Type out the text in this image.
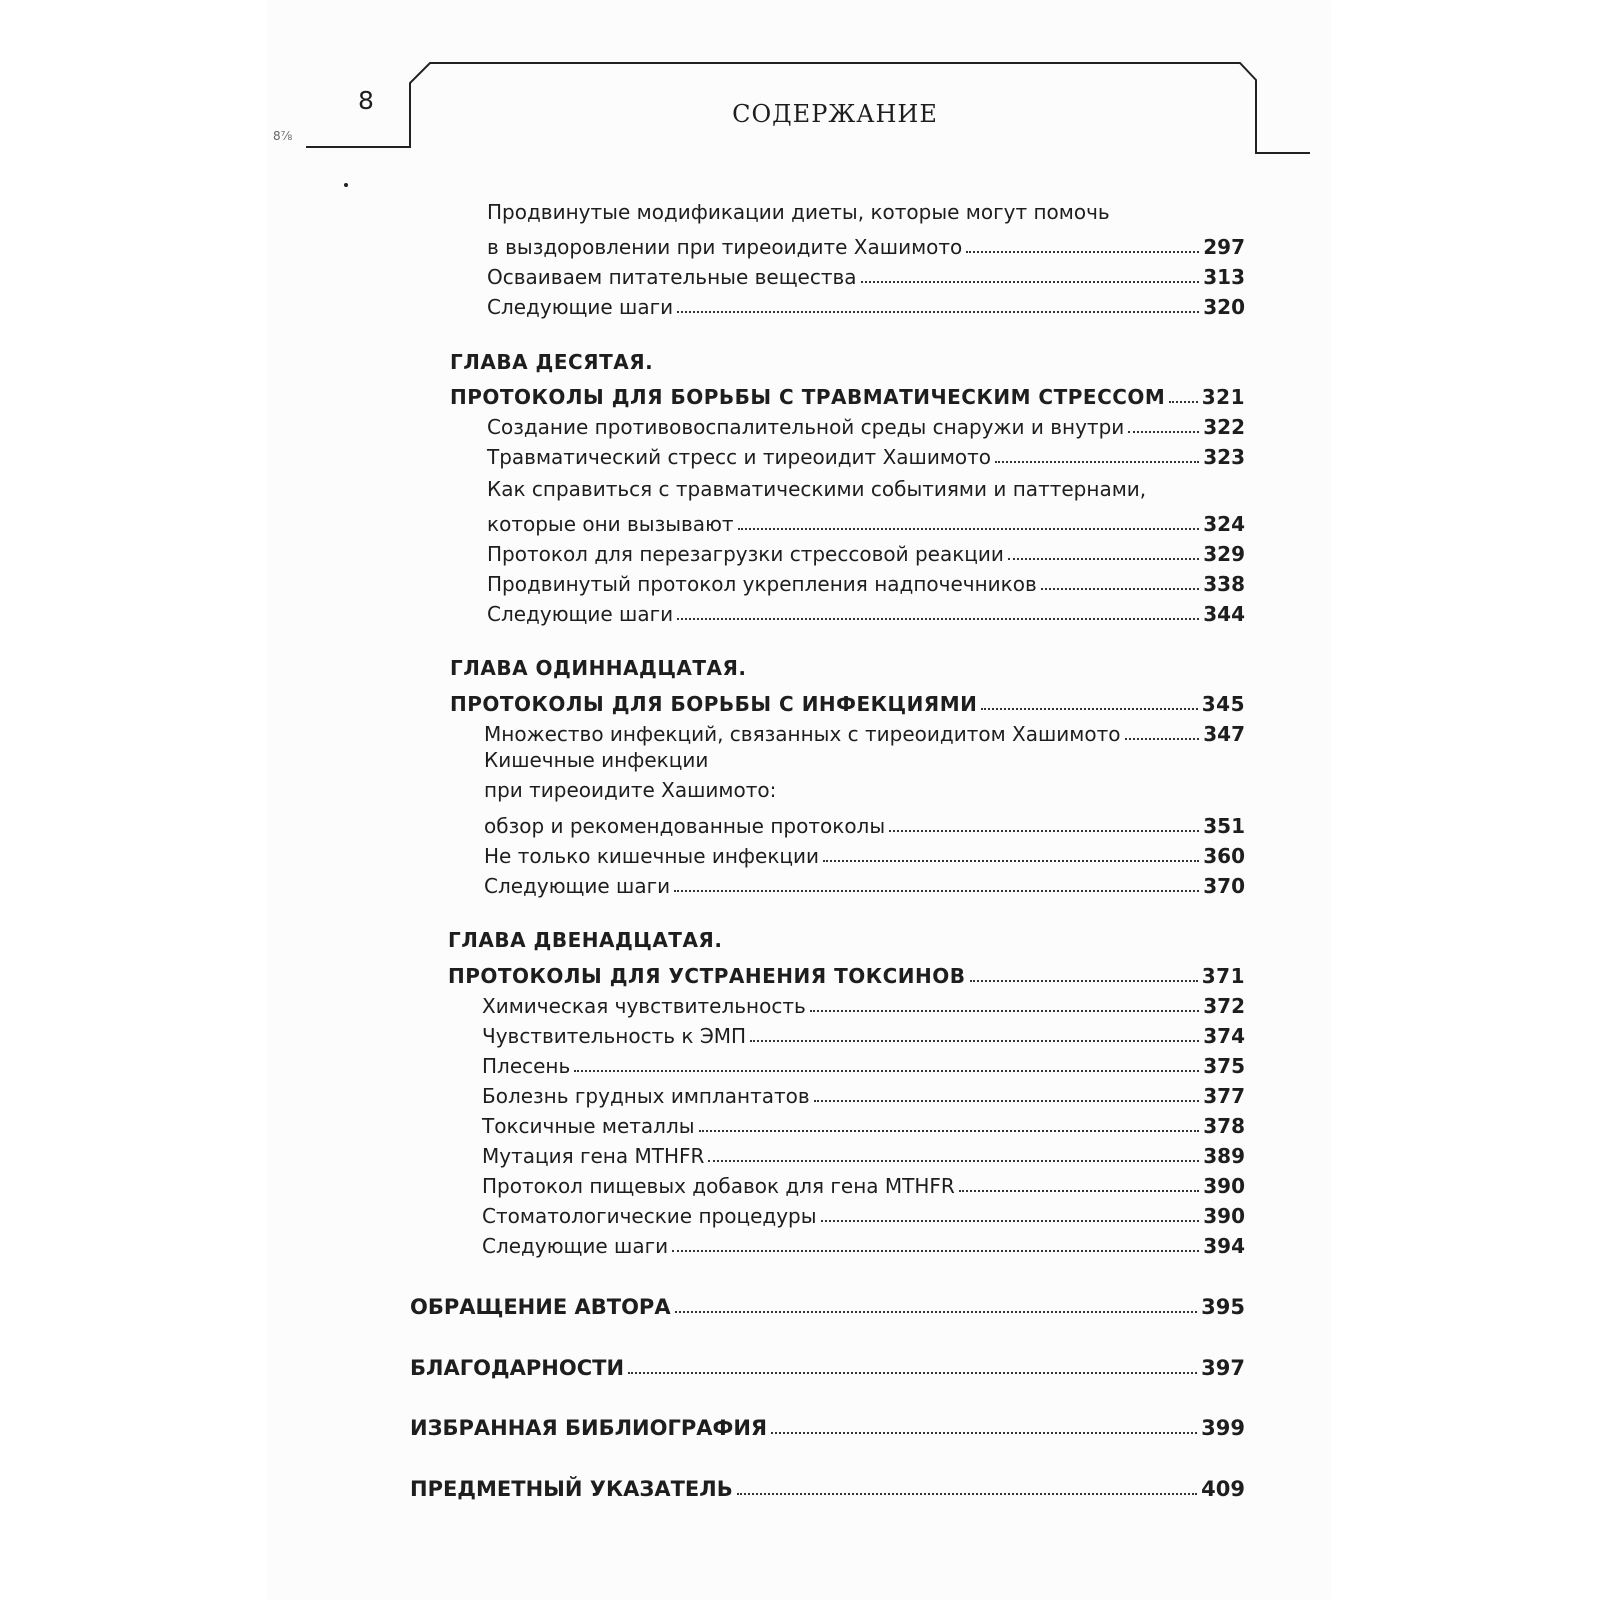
8	СОДЕРЖАНИЕ
8⅞
Продвинутые модификации диеты, которые могут помочь
в выздоровлении при тиреоидите Хашимото	297
Осваиваем питательные вещества	313
Следующие шаги	320
ГЛАВА ДЕСЯТАЯ.
ПРОТОКОЛЫ ДЛЯ БОРЬБЫ С ТРАВМАТИЧЕСКИМ СТРЕССОМ 321
Создание противовоспалительной среды снаружи и внутри	322
Травматический стресс и тиреоидит Хашимото	323
Как справиться с травматическими событиями и паттернами,
которые они вызывают	324
Протокол для перезагрузки стрессовой реакции	329
Продвинутый протокол укрепления надпочечников	338
Следующие шаги	344
ГЛАВА ОДИННАДЦАТАЯ.
ПРОТОКОЛЫ ДЛЯ БОРЬБЫ С ИНФЕКЦИЯМИ	345
Множество инфекций, связанных с тиреоидитом Хашимото	347
Кишечные инфекции
при тиреоидите Хашимото:
обзор и рекомендованные протоколы	351
Не только кишечные инфекции	360
Следующие шаги	370
ГЛАВА ДВЕНАДЦАТАЯ.
ПРОТОКОЛЫ ДЛЯ УСТРАНЕНИЯ ТОКСИНОВ	371
Химическая чувствительность	372
Чувствительность к ЭМП	374
Плесень	375
Болезнь грудных имплантатов	377
Токсичные металлы	378
Мутация гена MTHFR	389
Протокол пищевых добавок для гена MTHFR	390
Стоматологические процедуры	390
Следующие шаги	394
ОБРАЩЕНИЕ АВТОРА	395
БЛАГОДАРНОСТИ	397
ИЗБРАННАЯ БИБЛИОГРАФИЯ	399
ПРЕДМЕТНЫЙ УКАЗАТЕЛЬ	409
